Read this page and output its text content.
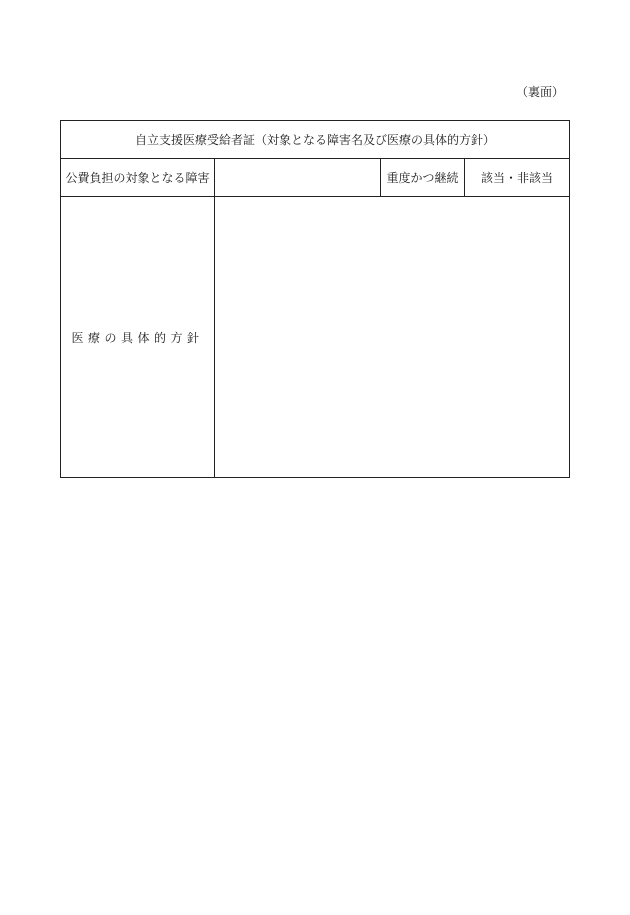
（裏面）
自立支援医療受給者証（対象となる障害名及び医療の具体的方針）
公費負担の対象となる障害	重度かつ継続 該当・非該当
医療の具体的方針
